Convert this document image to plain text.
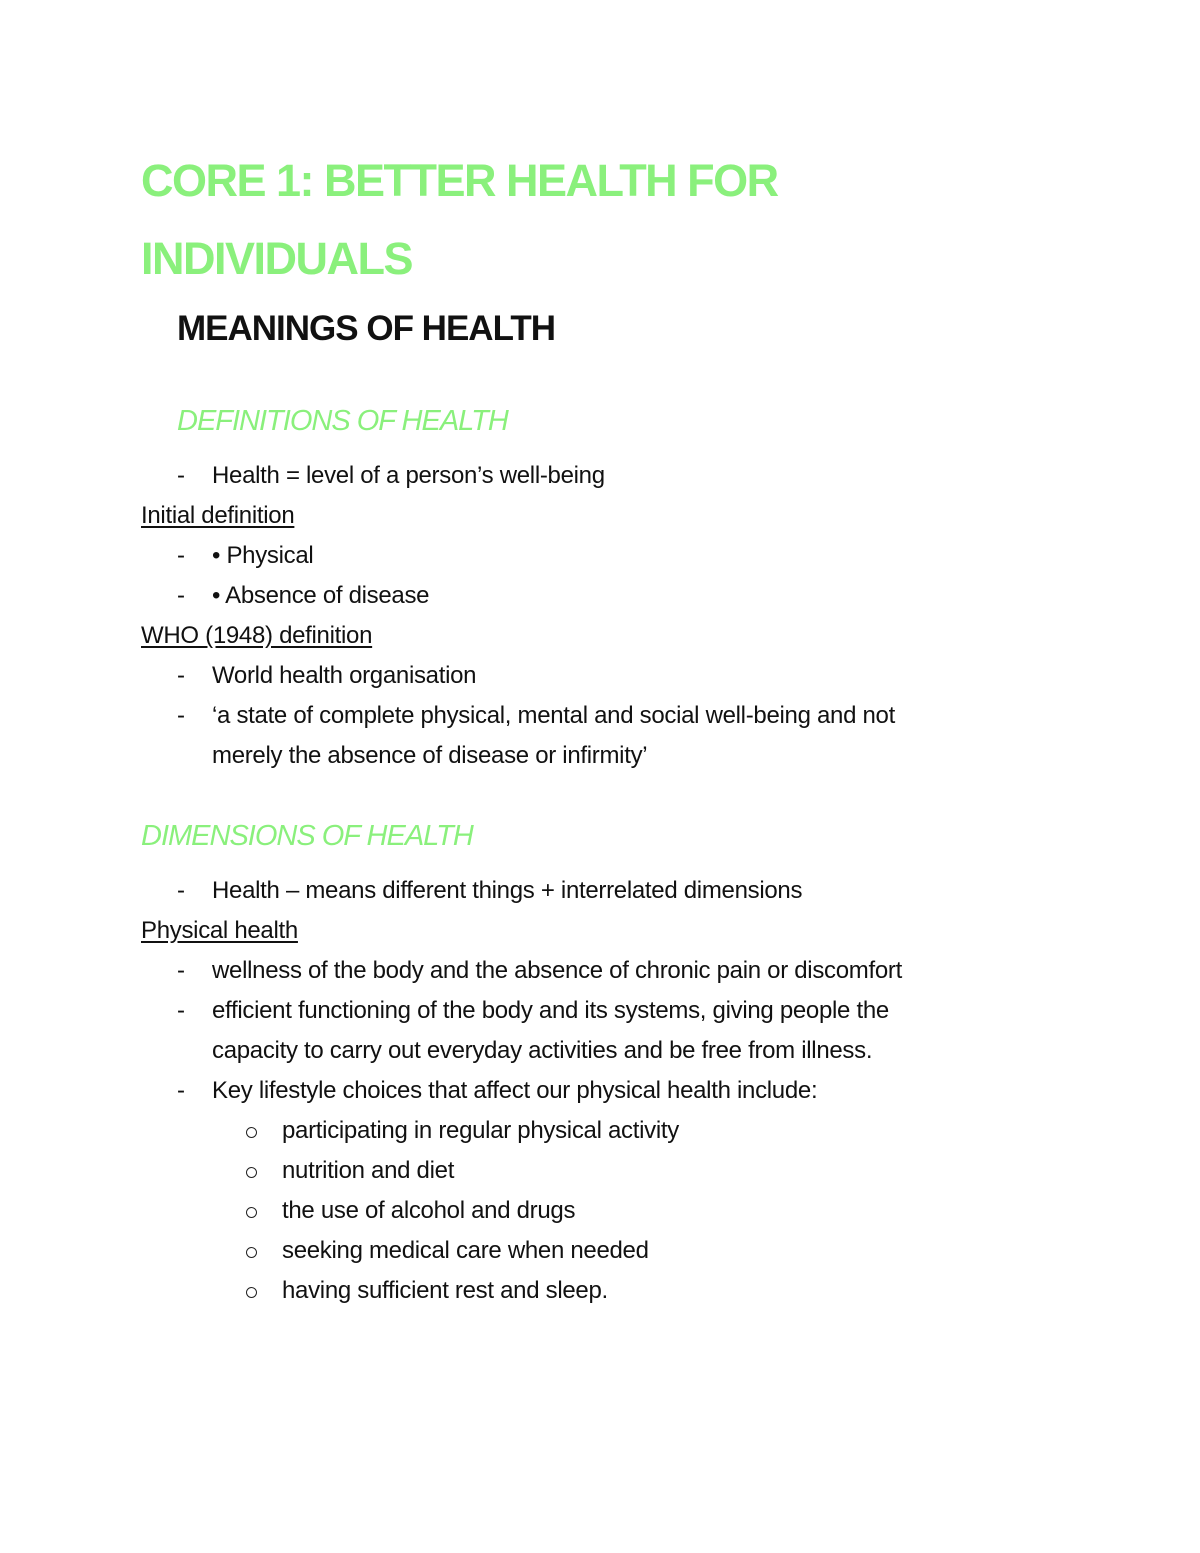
CORE 1: BETTER HEALTH FOR INDIVIDUALS
MEANINGS OF HEALTH
DEFINITIONS OF HEALTH
- Health = level of a person’s well-being
Initial definition
- • Physical
- • Absence of disease
WHO (1948) definition
- World health organisation
- ‘a state of complete physical, mental and social well-being and not
merely the absence of disease or infirmity’
DIMENSIONS OF HEALTH
- Health – means different things + interrelated dimensions
Physical health
- wellness of the body and the absence of chronic pain or discomfort
- efficient functioning of the body and its systems, giving people the
capacity to carry out everyday activities and be free from illness.
- Key lifestyle choices that affect our physical health include:
participating in regular physical activity
nutrition and diet
the use of alcohol and drugs
seeking medical care when needed
having sufficient rest and sleep.
